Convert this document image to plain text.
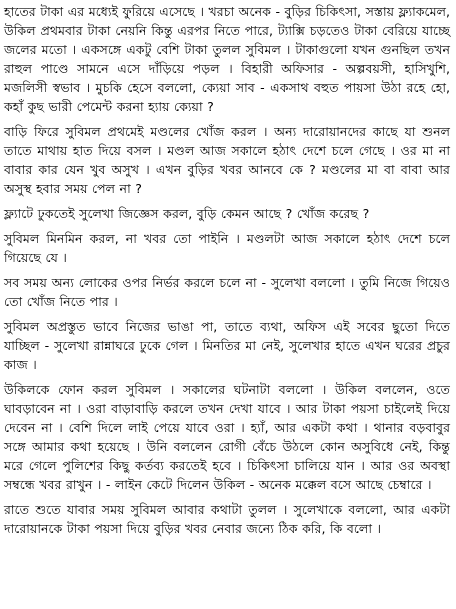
হাতের টাকা এর মধ্যেই ফুরিয়ে এসেছে । খরচা অনেক - বুড়ির চিকিৎসা, সস্তায় ফ্ল্যাকমেল, উকিল প্রথমবার টাকা নেয়নি কিন্তু এরপর নিতে পারে, ট্যাক্সি চড়তেও টাকা বেরিয়ে যাচ্ছে জলের মতো । একসঙ্গে একটু বেশি টাকা তুলল সুবিমল । টাকাগুলো যখন গুনছিল তখন রাহুল পাণ্ডে সামনে এসে দাঁড়িয়ে পড়ল । বিহারী অফিসার - অল্পবয়সী, হাসিখুশি, মজলিসী স্বভাব । মুচকি হেসে বললো, ক্যেয়া সাব - একসাথ বহুত পায়সা উঠা রহে হো, কহাঁ কুছ ভারী পেমেন্ট করনা হ্যায় ক্যেয়া ?

বাড়ি ফিরে সুবিমল প্রথমেই মণ্ডলের খোঁজ করল । অন্য দারোয়ানদের কাছে যা শুনল তাতে মাথায় হাত দিয়ে বসল । মণ্ডল আজ সকালে হঠাৎ দেশে চলে গেছে । ওর মা না বাবার কার যেন খুব অসুখ । এখন বুড়ির খবর আনবে কে ? মণ্ডলের মা বা বাবা আর অসুস্থ হবার সময় পেল না ?

ফ্ল্যাটে ঢুকতেই সুলেখা জিজ্ঞেস করল, বুড়ি কেমন আছে ? খোঁজ করেছ ?

সুবিমল মিনমিন করল, না খবর তো পাইনি । মণ্ডলটা আজ সকালে হঠাৎ দেশে চলে গিয়েছে যে ।

সব সময় অন্য লোকের ওপর নির্ভর করলে চলে না - সুলেখা বললো । তুমি নিজে গিয়েও তো খোঁজ নিতে পার ।

সুবিমল অপ্রস্তুত ভাবে নিজের ভাঙা পা, তাতে ব্যথা, অফিস এই সবের ছুতো দিতে যাচ্ছিল - সুলেখা রান্নাঘরে ঢুকে গেল । মিনতির মা নেই, সুলেখার হাতে এখন ঘরের প্রচুর কাজ ।

উকিলকে ফোন করল সুবিমল । সকালের ঘটনাটা বললো । উকিল বললেন, ওতে ঘাবড়াবেন না । ওরা বাড়াবাড়ি করলে তখন দেখা যাবে । আর টাকা পয়সা চাইলেই দিয়ে দেবেন না । বেশি দিলে লাই পেয়ে যাবে ওরা । হ্যাঁ, আর একটা কথা । থানার বড়বাবুর সঙ্গে আমার কথা হয়েছে । উনি বললেন রোগী বেঁচে উঠলে কোন অসুবিধে নেই, কিন্তু মরে গেলে পুলিশের কিছু কর্তব্য করতেই হবে । চিকিৎসা চালিয়ে যান । আর ওর অবস্থা সম্বন্ধে খবর রাখুন । - লাইন কেটে দিলেন উকিল - অনেক মক্কেল বসে আছে চেম্বারে ।

রাতে শুতে যাবার সময় সুবিমল আবার কথাটা তুলল । সুলেখাকে বললো, আর একটা দারোয়ানকে টাকা পয়সা দিয়ে বুড়ির খবর নেবার জন্যে ঠিক করি, কি বলো ।
